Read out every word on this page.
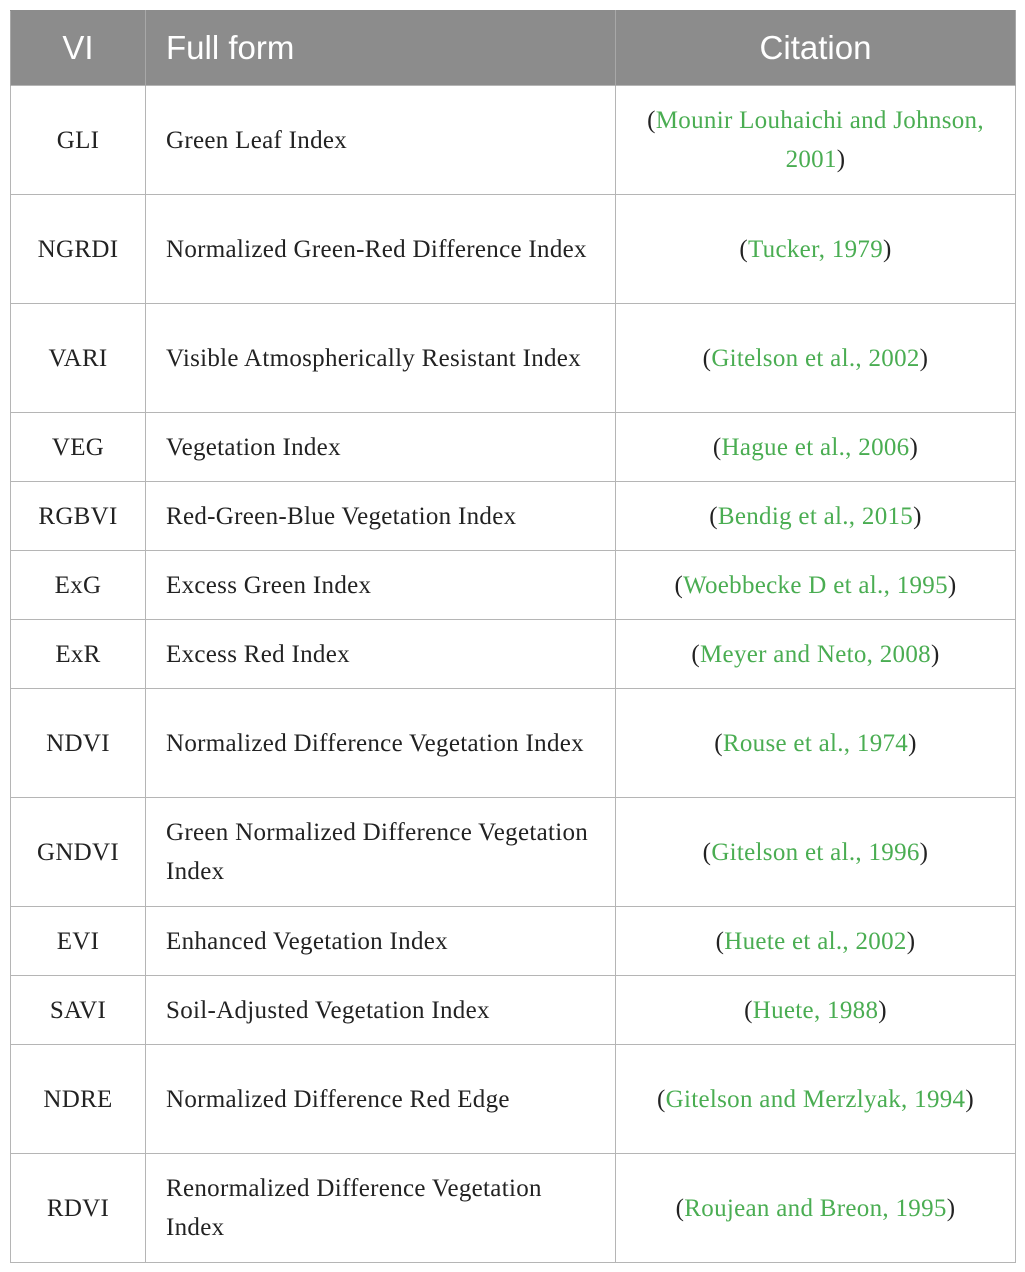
VI	Full form	Citation
GLI	Green Leaf Index	(Mounir Louhaichi and Johnson, 2001)
NGRDI	Normalized Green-Red Difference Index	(Tucker, 1979)
VARI	Visible Atmospherically Resistant Index	(Gitelson et al., 2002)
VEG	Vegetation Index	(Hague et al., 2006)
RGBVI	Red-Green-Blue Vegetation Index	(Bendig et al., 2015)
ExG	Excess Green Index	(Woebbecke D et al., 1995)
ExR	Excess Red Index	(Meyer and Neto, 2008)
NDVI	Normalized Difference Vegetation Index	(Rouse et al., 1974)
GNDVI	Green Normalized Difference Vegetation Index	(Gitelson et al., 1996)
EVI	Enhanced Vegetation Index	(Huete et al., 2002)
SAVI	Soil-Adjusted Vegetation Index	(Huete, 1988)
NDRE	Normalized Difference Red Edge	(Gitelson and Merzlyak, 1994)
RDVI	Renormalized Difference Vegetation Index	(Roujean and Breon, 1995)
